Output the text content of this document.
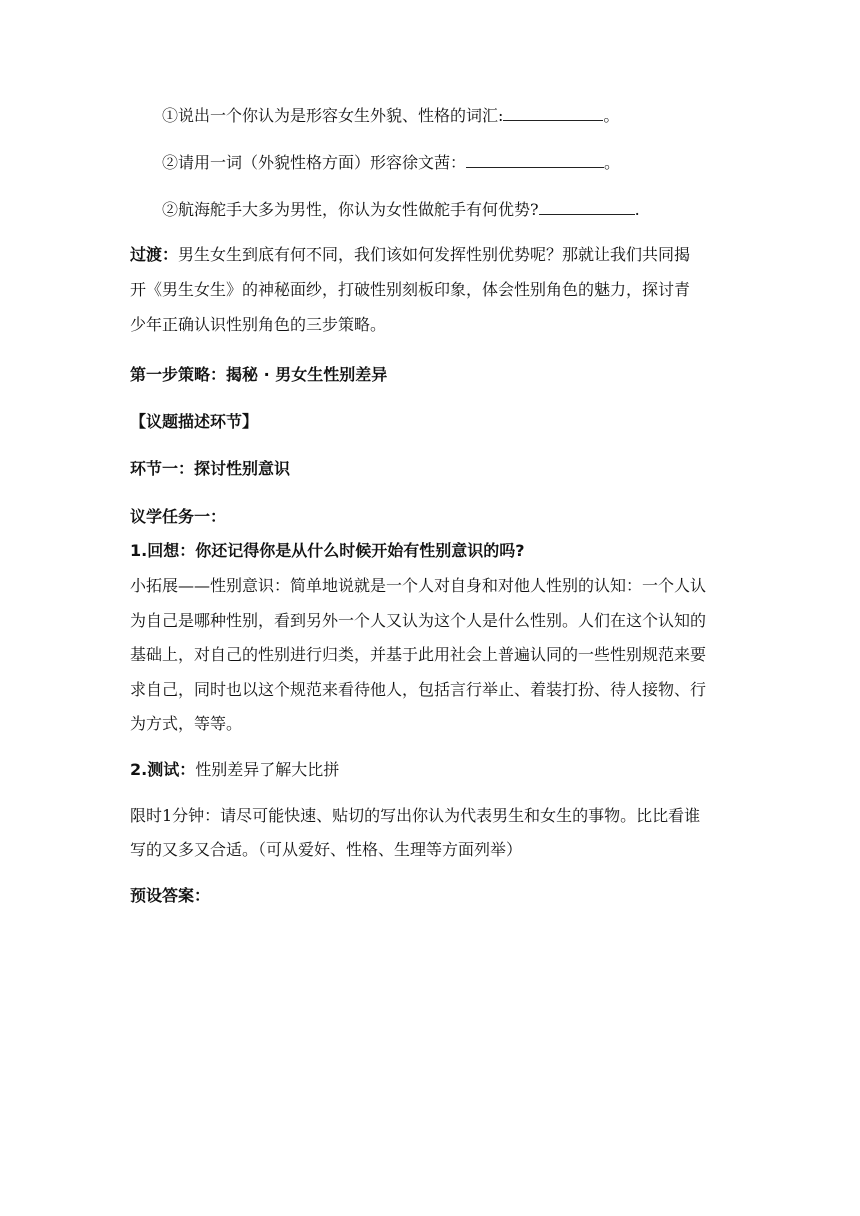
①说出一个你认为是形容女生外貌、性格的词汇:	。
②请用一词（外貌性格方面）形容徐文茜：	。
②航海舵手大多为男性，你认为女性做舵手有何优势?	.
过渡：男生女生到底有何不同，我们该如何发挥性别优势呢？那就让我们共同揭
开《男生女生》的神秘面纱，打破性别刻板印象，体会性别角色的魅力，探讨青
少年正确认识性别角色的三步策略。
第一步策略：揭秘 · 男女生性别差异
【议题描述环节】
环节一：探讨性别意识
议学任务一：
1.回想：你还记得你是从什么时候开始有性别意识的吗?
小拓展——性别意识：简单地说就是一个人对自身和对他人性别的认知：一个人认
为自己是哪种性别，看到另外一个人又认为这个人是什么性别。人们在这个认知的
基础上，对自己的性别进行归类，并基于此用社会上普遍认同的一些性别规范来要
求自己，同时也以这个规范来看待他人，包括言行举止、着装打扮、待人接物、行
为方式，等等。
2.测试：性别差异了解大比拼
限时1分钟：请尽可能快速、贴切的写出你认为代表男生和女生的事物。比比看谁
写的又多又合适。（可从爱好、性格、生理等方面列举）
预设答案：
